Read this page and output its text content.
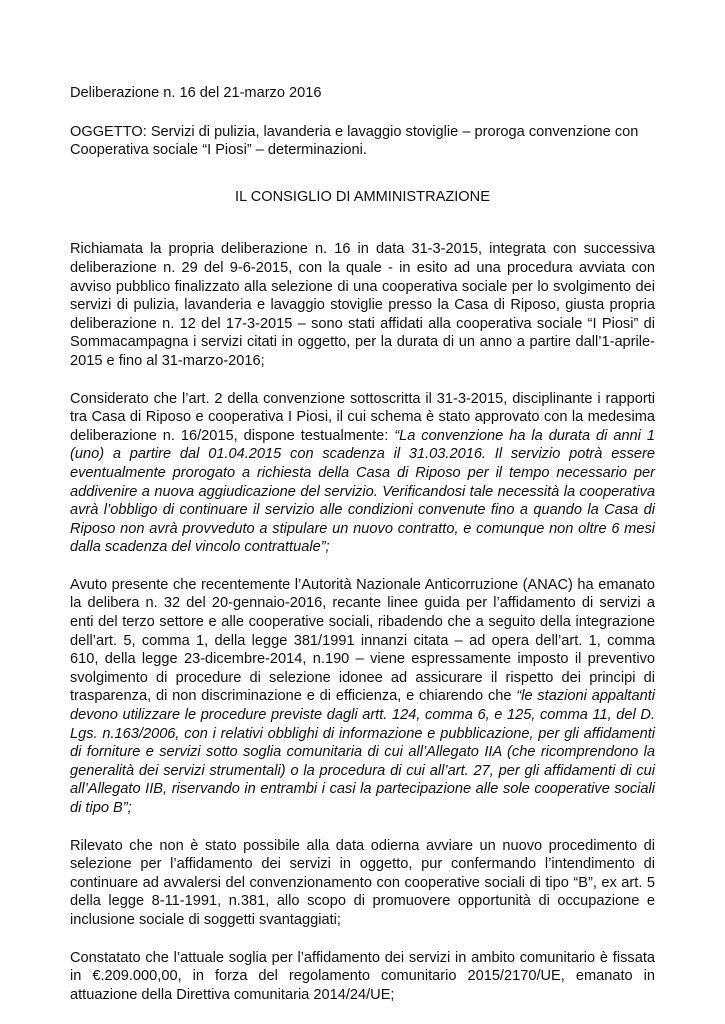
Deliberazione n. 16 del 21-marzo 2016
OGGETTO: Servizi di pulizia, lavanderia e lavaggio stoviglie – proroga convenzione con Cooperativa sociale “I Piosi” – determinazioni.
IL CONSIGLIO DI AMMINISTRAZIONE

Richiamata la propria deliberazione n. 16 in data 31-3-2015, integrata con successiva deliberazione n. 29 del 9-6-2015, con la quale - in esito ad una procedura avviata con avviso pubblico finalizzato alla selezione di una cooperativa sociale per lo svolgimento dei servizi di pulizia, lavanderia e lavaggio stoviglie presso la Casa di Riposo, giusta propria deliberazione n. 12 del 17-3-2015 – sono stati affidati alla cooperativa sociale “I Piosi” di Sommacampagna i servizi citati in oggetto, per la durata di un anno a partire dall’1-aprile-2015 e fino al 31-marzo-2016;

Considerato che l’art. 2 della convenzione sottoscritta il 31-3-2015, disciplinante i rapporti tra Casa di Riposo e cooperativa I Piosi, il cui schema è stato approvato con la medesima deliberazione n. 16/2015, dispone testualmente: “La convenzione ha la durata di anni 1 (uno) a partire dal 01.04.2015 con scadenza il 31.03.2016. Il servizio potrà essere eventualmente prorogato a richiesta della Casa di Riposo per il tempo necessario per addivenire a nuova aggiudicazione del servizio. Verificandosi tale necessità la cooperativa avrà l’obbligo di continuare il servizio alle condizioni convenute fino a quando la Casa di Riposo non avrà provveduto a stipulare un nuovo contratto, e comunque non oltre 6 mesi dalla scadenza del vincolo contrattuale”;

Avuto presente che recentemente l’Autorità Nazionale Anticorruzione (ANAC) ha emanato la delibera n. 32 del 20-gennaio-2016, recante linee guida per l’affidamento di servizi a enti del terzo settore e alle cooperative sociali, ribadendo che a seguito della integrazione dell’art. 5, comma 1, della legge 381/1991 innanzi citata – ad opera dell’art. 1, comma 610, della legge 23-dicembre-2014, n.190 – viene espressamente imposto il preventivo svolgimento di procedure di selezione idonee ad assicurare il rispetto dei principi di trasparenza, di non discriminazione e di efficienza, e chiarendo che “le stazioni appaltanti devono utilizzare le procedure previste dagli artt. 124, comma 6, e 125, comma 11, del D. Lgs. n.163/2006, con i relativi obblighi di informazione e pubblicazione, per gli affidamenti di forniture e servizi sotto soglia comunitaria di cui all’Allegato IIA (che ricomprendono la generalità dei servizi strumentali) o la procedura di cui all’art. 27, per gli affidamenti di cui all’Allegato IIB, riservando in entrambi i casi la partecipazione alle sole cooperative sociali di tipo B”;

Rilevato che non è stato possibile alla data odierna avviare un nuovo procedimento di selezione per l’affidamento dei servizi in oggetto, pur confermando l’intendimento di continuare ad avvalersi del convenzionamento con cooperative sociali di tipo “B”, ex art. 5 della legge 8-11-1991, n.381, allo scopo di promuovere opportunità di occupazione e inclusione sociale di soggetti svantaggiati;

Constatato che l’attuale soglia per l’affidamento dei servizi in ambito comunitario è fissata in €.209.000,00, in forza del regolamento comunitario 2015/2170/UE, emanato in attuazione della Direttiva comunitaria 2014/24/UE;
